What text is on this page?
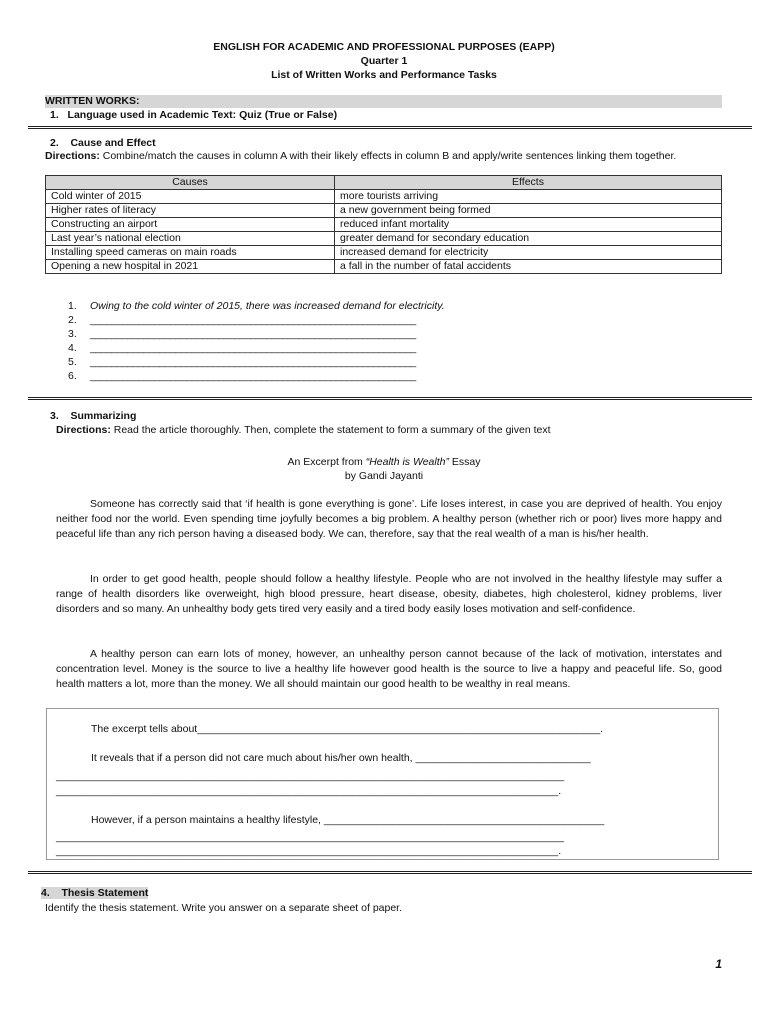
ENGLISH FOR ACADEMIC AND PROFESSIONAL PURPOSES (EAPP)
Quarter 1
List of Written Works and Performance Tasks
WRITTEN WORKS:
1. Language used in Academic Text: Quiz (True or False)
2. Cause and Effect
Directions: Combine/match the causes in column A with their likely effects in column B and apply/write sentences linking them together.
Causes	Effects
Cold winter of 2015	more tourists arriving
Higher rates of literacy	a new government being formed
Constructing an airport	reduced infant mortality
Last year’s national election	greater demand for secondary education
Installing speed cameras on main roads	increased demand for electricity
Opening a new hospital in 2021	a fall in the number of fatal accidents
1. Owing to the cold winter of 2015, there was increased demand for electricity.
2. _____________________________________________________________
3. _____________________________________________________________
4. _____________________________________________________________
5. _____________________________________________________________
6. _____________________________________________________________
3. Summarizing
Directions: Read the article thoroughly. Then, complete the statement to form a summary of the given text
An Excerpt from “Health is Wealth” Essay
by Gandi Jayanti
Someone has correctly said that ‘if health is gone everything is gone’. Life loses interest, in case you are deprived of health. You enjoy neither food nor the world. Even spending time joyfully becomes a big problem. A healthy person (whether rich or poor) lives more happy and peaceful life than any rich person having a diseased body. We can, therefore, say that the real wealth of a man is his/her health.
In order to get good health, people should follow a healthy lifestyle. People who are not involved in the healthy lifestyle may suffer a range of health disorders like overweight, high blood pressure, heart disease, obesity, diabetes, high cholesterol, kidney problems, liver disorders and so many. An unhealthy body gets tired very easily and a tired body easily loses motivation and self-confidence.
A healthy person can earn lots of money, however, an unhealthy person cannot because of the lack of motivation, interstates and concentration level. Money is the source to live a healthy life however good health is the source to live a happy and peaceful life. So, good health matters a lot, more than the money. We all should maintain our good health to be wealthy in real means.
The excerpt tells about_____________________________________________________________________.
It reveals that if a person did not care much about his/her own health, ______________________________
_______________________________________________________________________________________
______________________________________________________________________________________.
However, if a person maintains a healthy lifestyle, ________________________________________________
_______________________________________________________________________________________
______________________________________________________________________________________.
4. Thesis Statement
Identify the thesis statement. Write you answer on a separate sheet of paper.
1
